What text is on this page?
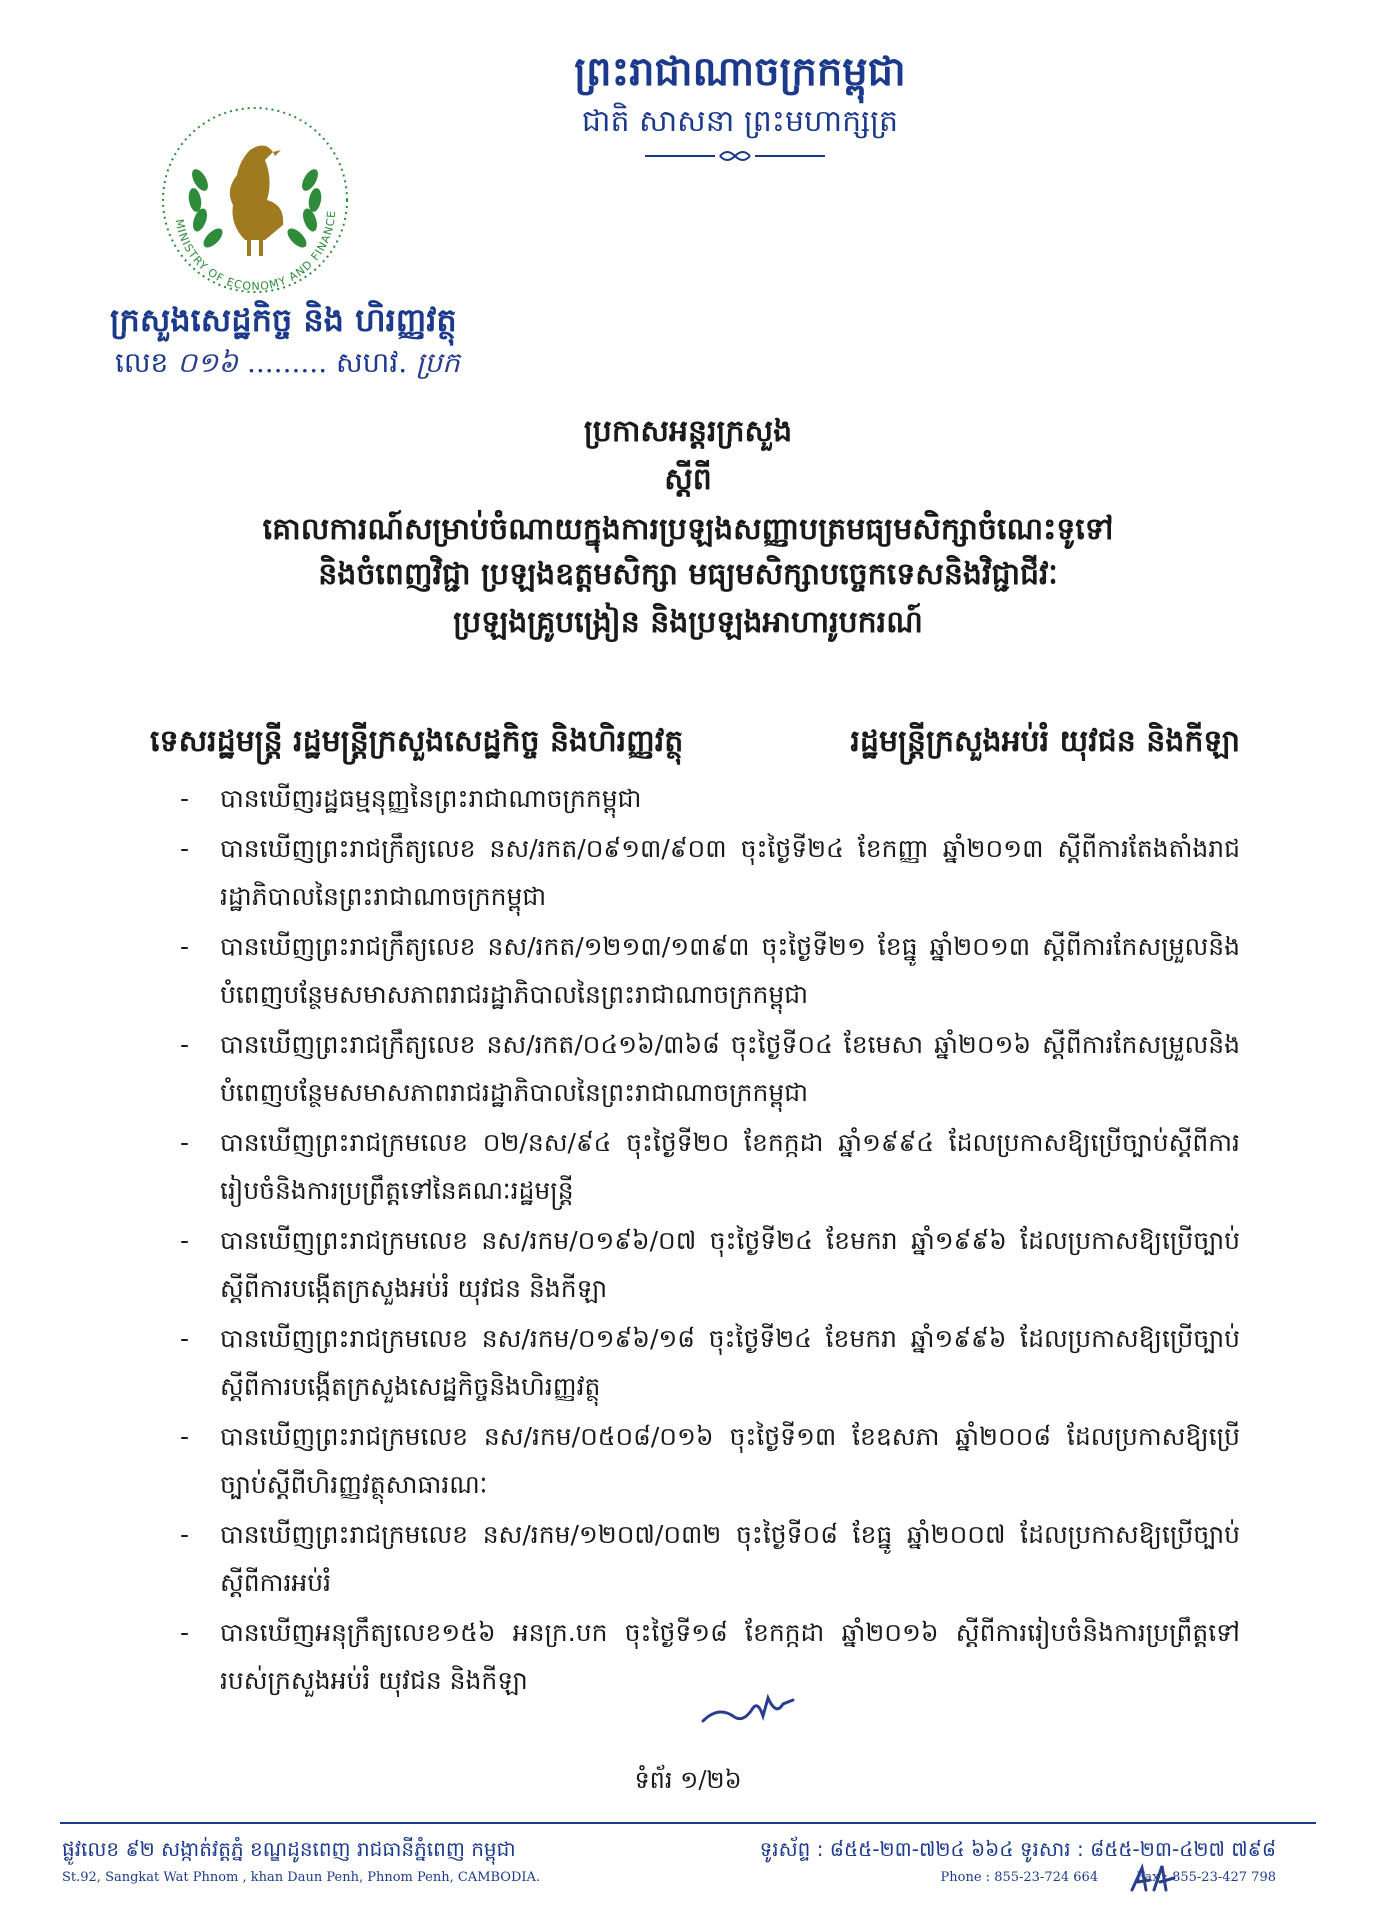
ព្រះរាជាណាចក្រកម្ពុជា
ជាតិ សាសនា ព្រះមហាក្សត្រ
MINISTRY OF ECONOMY AND FINANCE
ក្រសួងសេដ្ឋកិច្ច និង ហិរញ្ញវត្ថុ
លេខ ០១៦ ......... សហវ. ប្រក
ប្រកាសអន្តរក្រសួង
ស្តីពី
គោលការណ៍សម្រាប់ចំណាយក្នុងការប្រឡងសញ្ញាបត្រមធ្យមសិក្សាចំណេះទូទៅ
និងចំពេញវិជ្ជា ប្រឡងឧត្តមសិក្សា មធ្យមសិក្សាបច្ចេកទេសនិងវិជ្ជាជីវៈ
ប្រឡងគ្រូបង្រៀន និងប្រឡងអាហារូបករណ៍
ទេសរដ្ឋមន្ត្រី រដ្ឋមន្ត្រីក្រសួងសេដ្ឋកិច្ច និងហិរញ្ញវត្ថុ	រដ្ឋមន្ត្រីក្រសួងអប់រំ យុវជន និងកីឡា
- បានឃើញរដ្ឋធម្មនុញ្ញនៃព្រះរាជាណាចក្រកម្ពុជា
- បានឃើញព្រះរាជក្រឹត្យលេខ នស/រកត/០៩១៣/៩០៣ ចុះថ្ងៃទី២៤ ខែកញ្ញា ឆ្នាំ២០១៣ ស្តីពីការតែងតាំងរាជរដ្ឋាភិបាលនៃព្រះរាជាណាចក្រកម្ពុជា
- បានឃើញព្រះរាជក្រឹត្យលេខ នស/រកត/១២១៣/១៣៩៣ ចុះថ្ងៃទី២១ ខែធ្នូ ឆ្នាំ២០១៣ ស្តីពីការកែសម្រួលនិងបំពេញបន្ថែមសមាសភាពរាជរដ្ឋាភិបាលនៃព្រះរាជាណាចក្រកម្ពុជា
- បានឃើញព្រះរាជក្រឹត្យលេខ នស/រកត/០៤១៦/៣៦៨ ចុះថ្ងៃទី០៤ ខែមេសា ឆ្នាំ២០១៦ ស្តីពីការកែសម្រួលនិងបំពេញបន្ថែមសមាសភាពរាជរដ្ឋាភិបាលនៃព្រះរាជាណាចក្រកម្ពុជា
- បានឃើញព្រះរាជក្រមលេខ ០២/នស/៩៤ ចុះថ្ងៃទី២០ ខែកក្កដា ឆ្នាំ១៩៩៤ ដែលប្រកាសឱ្យប្រើច្បាប់ស្តីពីការរៀបចំនិងការប្រព្រឹត្តទៅនៃគណៈរដ្ឋមន្ត្រី
- បានឃើញព្រះរាជក្រមលេខ នស/រកម/០១៩៦/០៧ ចុះថ្ងៃទី២៤ ខែមករា ឆ្នាំ១៩៩៦ ដែលប្រកាសឱ្យប្រើច្បាប់ស្តីពីការបង្កើតក្រសួងអប់រំ យុវជន និងកីឡា
- បានឃើញព្រះរាជក្រមលេខ នស/រកម/០១៩៦/១៨ ចុះថ្ងៃទី២៤ ខែមករា ឆ្នាំ១៩៩៦ ដែលប្រកាសឱ្យប្រើច្បាប់ស្តីពីការបង្កើតក្រសួងសេដ្ឋកិច្ចនិងហិរញ្ញវត្ថុ
- បានឃើញព្រះរាជក្រមលេខ នស/រកម/០៥០៨/០១៦ ចុះថ្ងៃទី១៣ ខែឧសភា ឆ្នាំ២០០៨ ដែលប្រកាសឱ្យប្រើច្បាប់ស្តីពីហិរញ្ញវត្ថុសាធារណៈ
- បានឃើញព្រះរាជក្រមលេខ នស/រកម/១២០៧/០៣២ ចុះថ្ងៃទី០៨ ខែធ្នូ ឆ្នាំ២០០៧ ដែលប្រកាសឱ្យប្រើច្បាប់ស្តីពីការអប់រំ
- បានឃើញអនុក្រឹត្យលេខ១៥៦ អនក្រ.បក ចុះថ្ងៃទី១៨ ខែកក្កដា ឆ្នាំ២០១៦ ស្តីពីការរៀបចំនិងការប្រព្រឹត្តទៅរបស់ក្រសួងអប់រំ យុវជន និងកីឡា
ទំព័រ ១/២៦
ផ្លូវលេខ ៩២ សង្កាត់វត្តភ្នំ ខណ្ឌដូនពេញ រាជធានីភ្នំពេញ កម្ពុជា
St.92, Sangkat Wat Phnom , khan Daun Penh, Phnom Penh, CAMBODIA.
ទូរស័ព្ទ : ៨៥៥-២៣-៧២៤ ៦៦៤ ទូរសារ : ៨៥៥-២៣-៤២៧ ៧៩៨
Phone : 855-23-724 664	Fax : 855-23-427 798
